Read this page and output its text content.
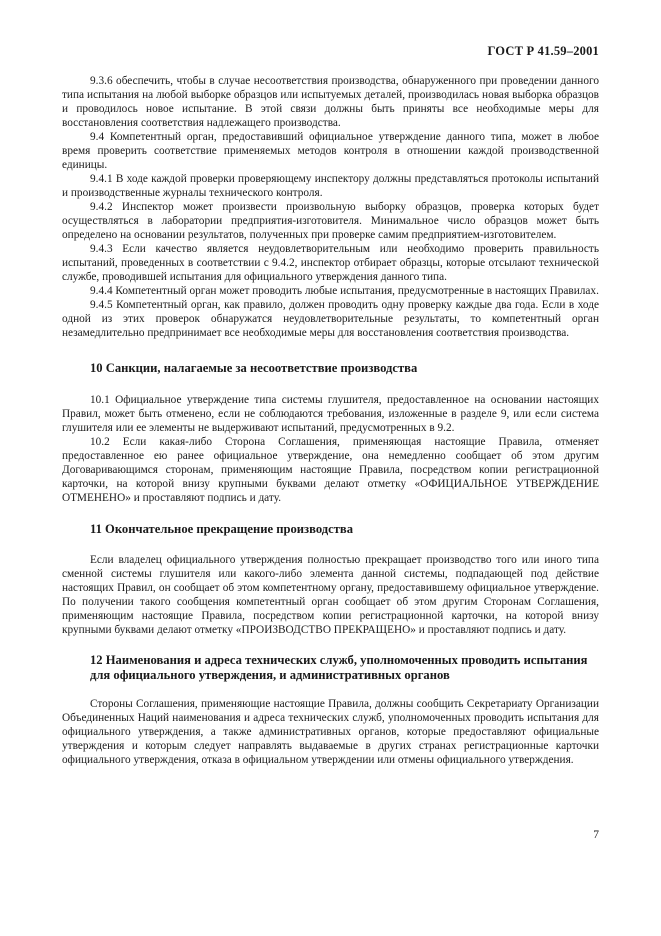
ГОСТ Р 41.59–2001

9.3.6 обеспечить, чтобы в случае несоответствия производства, обнаруженного при проведении данного типа испытания на любой выборке образцов или испытуемых деталей, производилась новая выборка образцов и проводилось новое испытание. В этой связи должны быть приняты все необходимые меры для восстановления соответствия надлежащего производства.

9.4 Компетентный орган, предоставивший официальное утверждение данного типа, может в любое время проверить соответствие применяемых методов контроля в отношении каждой производственной единицы.

9.4.1 В ходе каждой проверки проверяющему инспектору должны представляться протоколы испытаний и производственные журналы технического контроля.

9.4.2 Инспектор может произвести произвольную выборку образцов, проверка которых будет осуществляться в лаборатории предприятия-изготовителя. Минимальное число образцов может быть определено на основании результатов, полученных при проверке самим предприятием-изготовителем.

9.4.3 Если качество является неудовлетворительным или необходимо проверить правильность испытаний, проведенных в соответствии с 9.4.2, инспектор отбирает образцы, которые отсылают технической службе, проводившей испытания для официального утверждения данного типа.

9.4.4 Компетентный орган может проводить любые испытания, предусмотренные в настоящих Правилах.

9.4.5 Компетентный орган, как правило, должен проводить одну проверку каждые два года. Если в ходе одной из этих проверок обнаружатся неудовлетворительные результаты, то компетентный орган незамедлительно предпринимает все необходимые меры для восстановления соответствия производства.

10 Санкции, налагаемые за несоответствие производства

10.1 Официальное утверждение типа системы глушителя, предоставленное на основании настоящих Правил, может быть отменено, если не соблюдаются требования, изложенные в разделе 9, или если система глушителя или ее элементы не выдерживают испытаний, предусмотренных в 9.2.

10.2 Если какая-либо Сторона Соглашения, применяющая настоящие Правила, отменяет предоставленное ею ранее официальное утверждение, она немедленно сообщает об этом другим Договаривающимся сторонам, применяющим настоящие Правила, посредством копии регистрационной карточки, на которой внизу крупными буквами делают отметку «ОФИЦИАЛЬНОЕ УТВЕРЖДЕНИЕ ОТМЕНЕНО» и проставляют подпись и дату.

11 Окончательное прекращение производства

Если владелец официального утверждения полностью прекращает производство того или иного типа сменной системы глушителя или какого-либо элемента данной системы, подпадающей под действие настоящих Правил, он сообщает об этом компетентному органу, предоставившему официальное утверждение. По получении такого сообщения компетентный орган сообщает об этом другим Сторонам Соглашения, применяющим настоящие Правила, посредством копии регистрационной карточки, на которой внизу крупными буквами делают отметку «ПРОИЗВОДСТВО ПРЕКРАЩЕНО» и проставляют подпись и дату.

12 Наименования и адреса технических служб, уполномоченных проводить испытания для официального утверждения, и административных органов

Стороны Соглашения, применяющие настоящие Правила, должны сообщить Секретариату Организации Объединенных Наций наименования и адреса технических служб, уполномоченных проводить испытания для официального утверждения, а также административных органов, которые предоставляют официальные утверждения и которым следует направлять выдаваемые в других странах регистрационные карточки официального утверждения, отказа в официальном утверждении или отмены официального утверждения.

7
